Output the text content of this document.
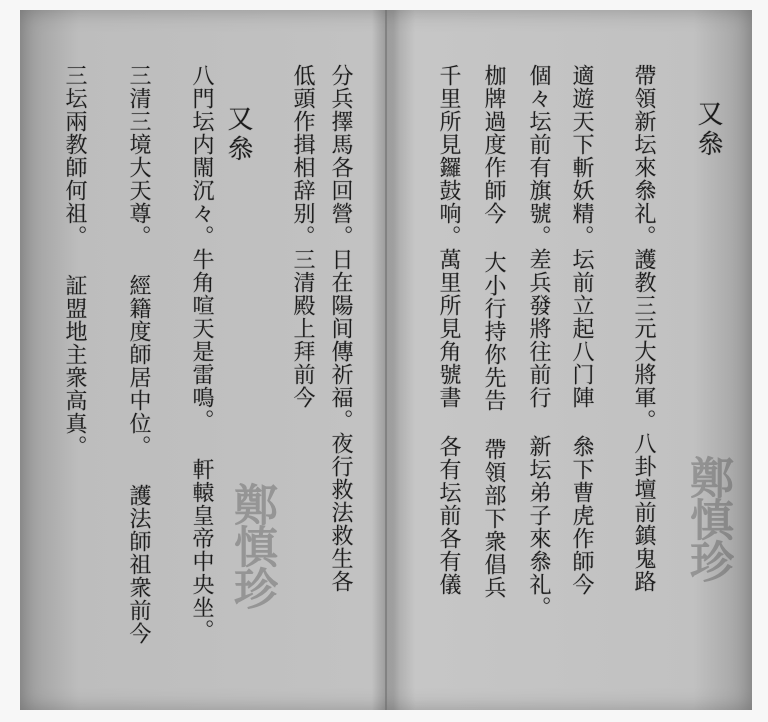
分兵擇馬各回營。日在陽间傳祈福。夜行救法救生各
低頭作揖相辞别。三清殿上拜前今
又叅
八門坛内閙沉々。牛角喧天是雷鳴。 軒轅皇帝中央坐。
三清三境大天尊。 經籍度師居中位。 護法師祖衆前今
三坛兩教師何祖。 証盟地主衆高真。
鄭慎珍
又叅
帶領新坛來叅礼。護教三元大將軍。八卦壇前鎮鬼路
適遊天下斬妖精。坛前立起八门陣 叅下曹虎作師今
個々坛前有旗號。差兵發將往前行 新坛弟子來叅礼。
枷牌過度作師今 大小行持你先告 帶領部下衆倡兵
千里所見鑼鼓响。萬里所見角號書 各有坛前各有儀	鄭慎珍
